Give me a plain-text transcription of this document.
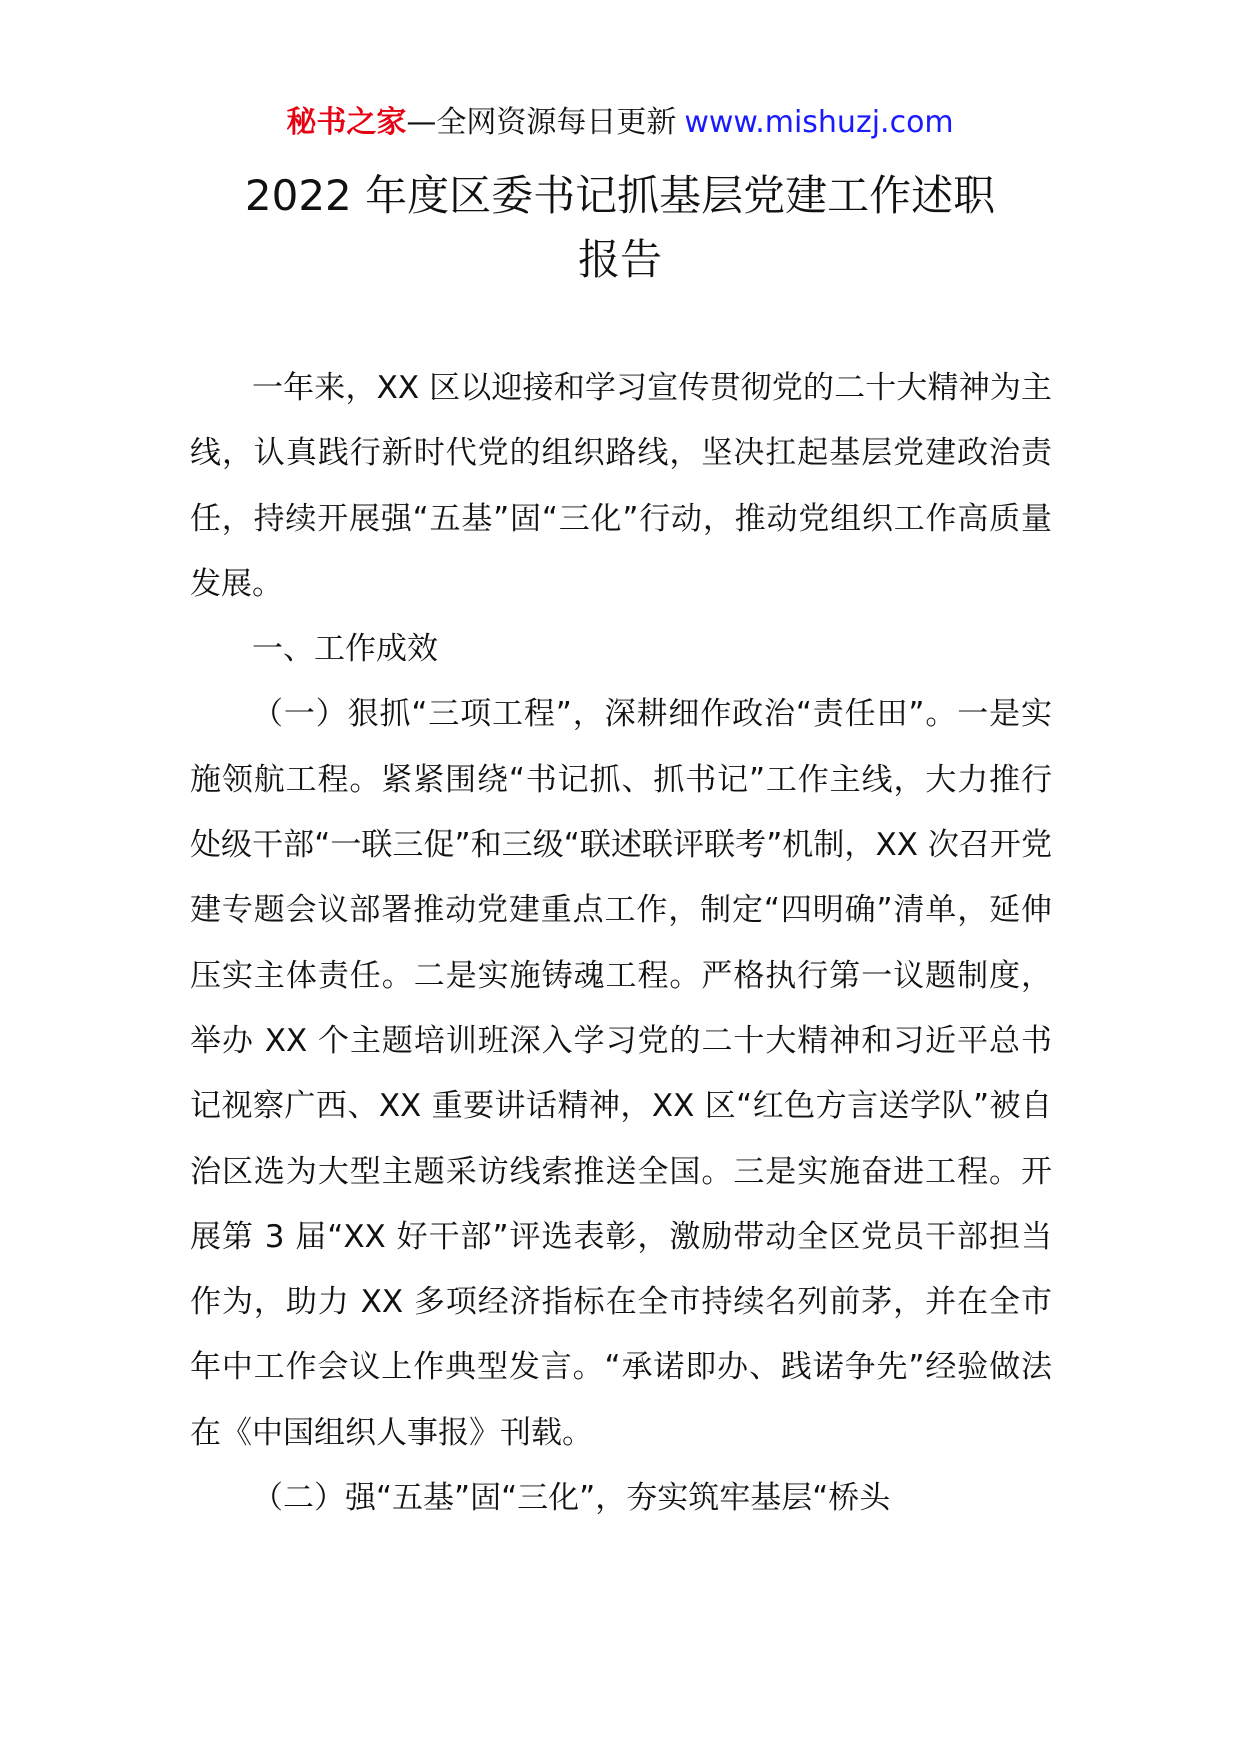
秘书之家—全网资源每日更新 www.mishuzj.com
2022 年度区委书记抓基层党建工作述职
报告

一年来，XX 区以迎接和学习宣传贯彻党的二十大精神为主线，认真践行新时代党的组织路线，坚决扛起基层党建政治责任，持续开展强“五基”固“三化”行动，推动党组织工作高质量发展。

一、工作成效

（一）狠抓“三项工程”，深耕细作政治“责任田”。一是实施领航工程。紧紧围绕“书记抓、抓书记”工作主线，大力推行处级干部“一联三促”和三级“联述联评联考”机制，XX 次召开党建专题会议部署推动党建重点工作，制定“四明确”清单，延伸压实主体责任。二是实施铸魂工程。严格执行第一议题制度，举办 XX 个主题培训班深入学习党的二十大精神和习近平总书记视察广西、XX 重要讲话精神，XX 区“红色方言送学队”被自治区选为大型主题采访线索推送全国。三是实施奋进工程。开展第 3 届“XX 好干部”评选表彰，激励带动全区党员干部担当作为，助力 XX 多项经济指标在全市持续名列前茅，并在全市年中工作会议上作典型发言。“承诺即办、践诺争先”经验做法在《中国组织人事报》刊载。

（二）强“五基”固“三化”，夯实筑牢基层“桥头
